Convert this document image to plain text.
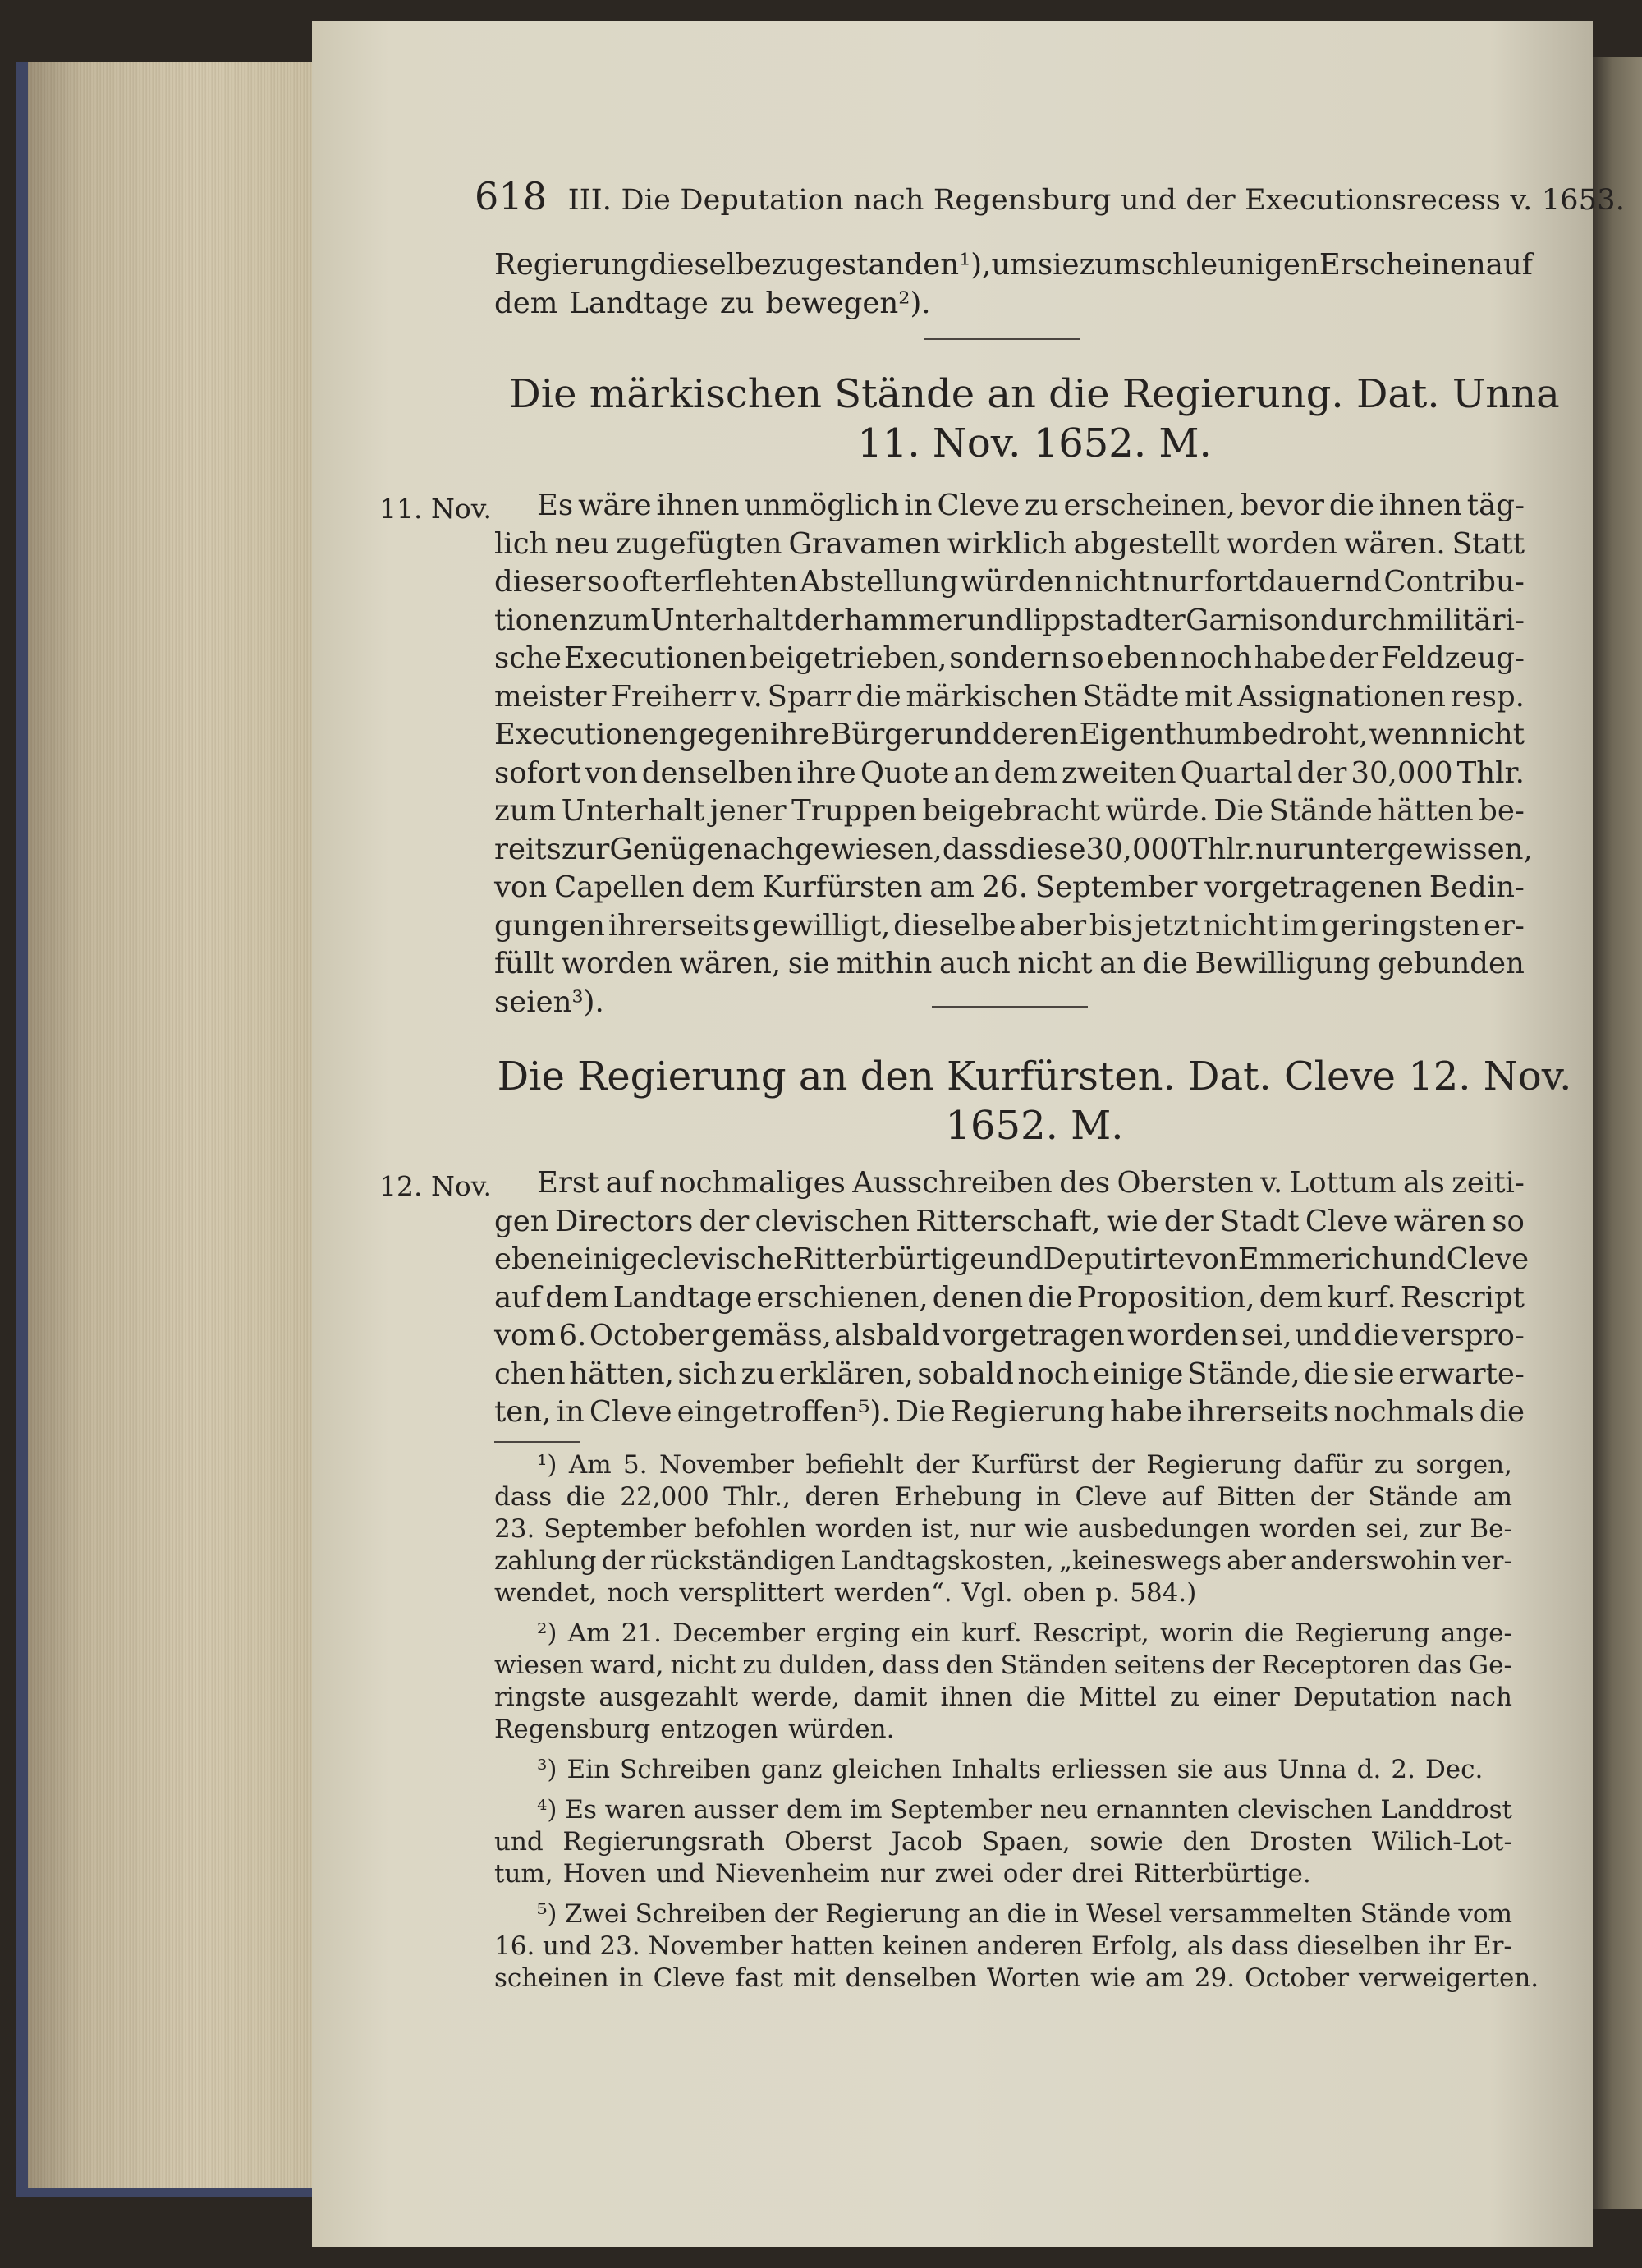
618 III. Die Deputation nach Regensburg und der Executionsrecess v. 1653.
Regierung dieselbe zugestanden¹), um sie zum schleunigen Erscheinen auf
dem Landtage zu bewegen²).
Die märkischen Stände an die Regierung. Dat. Unna
11. Nov. 1652. M.
11. Nov. Es wäre ihnen unmöglich in Cleve zu erscheinen, bevor die ihnen täg-
lich neu zugefügten Gravamen wirklich abgestellt worden wären. Statt
dieser so oft erflehten Abstellung würden nicht nur fortdauernd Contribu-
tionen zum Unterhalt der hammer und lippstadter Garnison durch militäri-
sche Executionen beigetrieben, sondern so eben noch habe der Feldzeug-
meister Freiherr v. Sparr die märkischen Städte mit Assignationen resp.
Executionen gegen ihre Bürger und deren Eigenthum bedroht, wenn nicht
sofort von denselben ihre Quote an dem zweiten Quartal der 30,000 Thlr.
zum Unterhalt jener Truppen beigebracht würde. Die Stände hätten be-
reits zur Genüge nachgewiesen, dass diese 30,000 Thlr. nur unter gewissen,
von Capellen dem Kurfürsten am 26. September vorgetragenen Bedin-
gungen ihrerseits gewilligt, dieselbe aber bis jetzt nicht im geringsten er-
füllt worden wären, sie mithin auch nicht an die Bewilligung gebunden
seien³).
Die Regierung an den Kurfürsten. Dat. Cleve 12. Nov.
1652. M.
12. Nov. Erst auf nochmaliges Ausschreiben des Obersten v. Lottum als zeiti-
gen Directors der clevischen Ritterschaft, wie der Stadt Cleve wären so
eben einige clevische Ritterbürtige und Deputirte von Emmerich und Cleve
auf dem Landtage erschienen, denen die Proposition, dem kurf. Rescript
vom 6. October gemäss, alsbald vorgetragen worden sei, und die verspro-
chen hätten, sich zu erklären, sobald noch einige Stände, die sie erwarte-
ten, in Cleve eingetroffen⁵). Die Regierung habe ihrerseits nochmals die
¹) Am 5. November befiehlt der Kurfürst der Regierung dafür zu sorgen,
dass die 22,000 Thlr., deren Erhebung in Cleve auf Bitten der Stände am
23. September befohlen worden ist, nur wie ausbedungen worden sei, zur Be-
zahlung der rückständigen Landtagskosten, „keineswegs aber anderswohin ver-
wendet, noch versplittert werden“. Vgl. oben p. 584.)
²) Am 21. December erging ein kurf. Rescript, worin die Regierung ange-
wiesen ward, nicht zu dulden, dass den Ständen seitens der Receptoren das Ge-
ringste ausgezahlt werde, damit ihnen die Mittel zu einer Deputation nach
Regensburg entzogen würden.
³) Ein Schreiben ganz gleichen Inhalts erliessen sie aus Unna d. 2. Dec.
⁴) Es waren ausser dem im September neu ernannten clevischen Landdrost
und Regierungsrath Oberst Jacob Spaen, sowie den Drosten Wilich-Lot-
tum, Hoven und Nievenheim nur zwei oder drei Ritterbürtige.
⁵) Zwei Schreiben der Regierung an die in Wesel versammelten Stände vom
16. und 23. November hatten keinen anderen Erfolg, als dass dieselben ihr Er-
scheinen in Cleve fast mit denselben Worten wie am 29. October verweigerten.
